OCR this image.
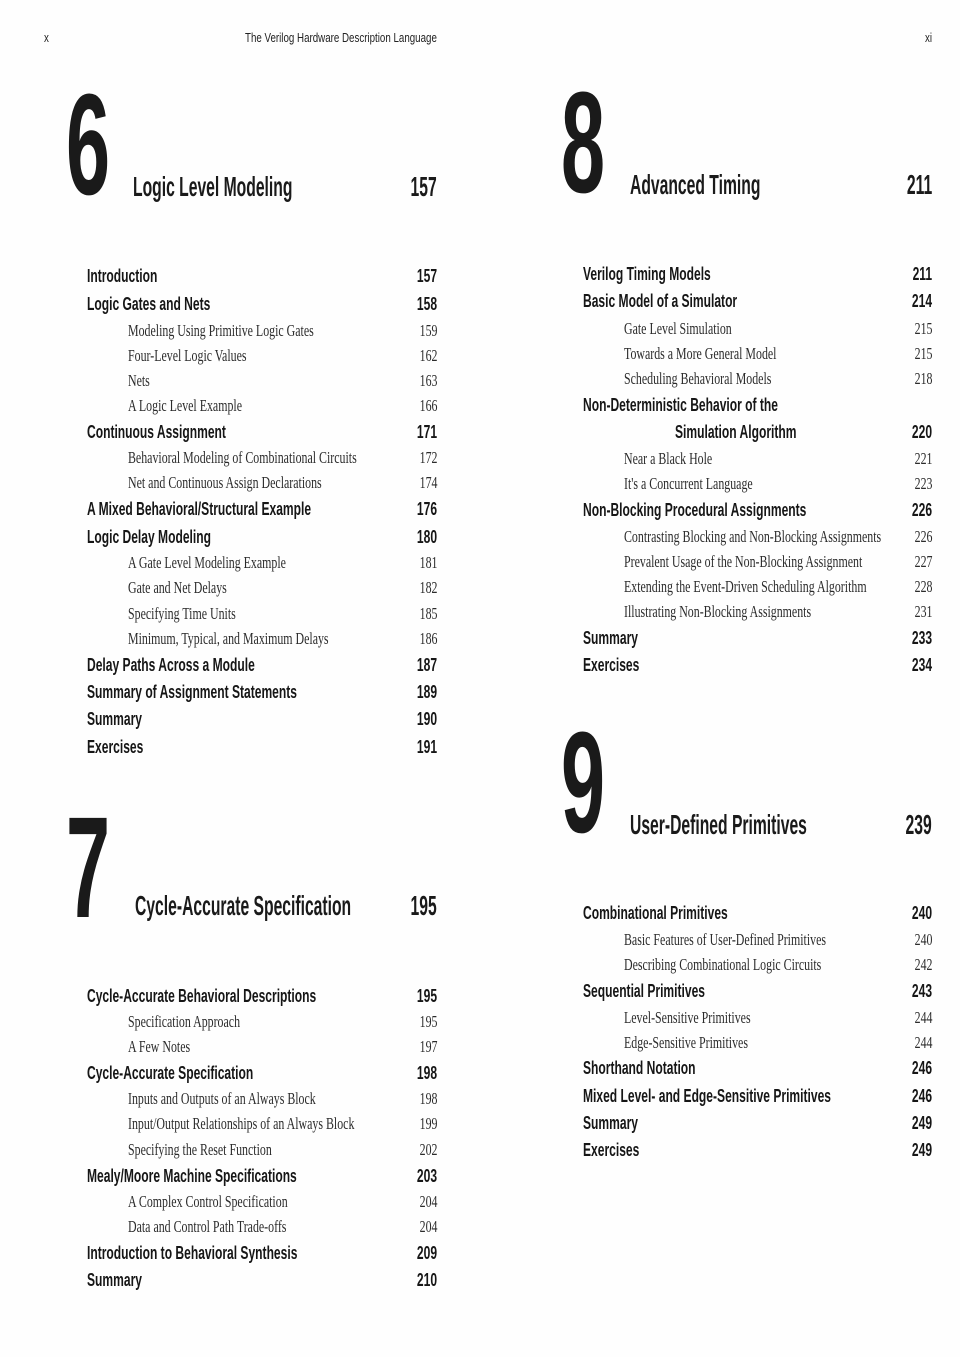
x	The Verilog Hardware Description Language	xi
6 Logic Level Modeling	157
Introduction	157
Logic Gates and Nets	158
Modeling Using Primitive Logic Gates	159
Four-Level Logic Values	162
Nets	163
A Logic Level Example	166
Continuous Assignment	171
Behavioral Modeling of Combinational Circuits	172
Net and Continuous Assign Declarations	174
A Mixed Behavioral/Structural Example	176
Logic Delay Modeling	180
A Gate Level Modeling Example	181
Gate and Net Delays	182
Specifying Time Units	185
Minimum, Typical, and Maximum Delays	186
Delay Paths Across a Module	187
Summary of Assignment Statements	189
Summary	190
Exercises	191
7 Cycle-Accurate Specification	195
Cycle-Accurate Behavioral Descriptions	195
Specification Approach	195
A Few Notes	197
Cycle-Accurate Specification	198
Inputs and Outputs of an Always Block	198
Input/Output Relationships of an Always Block	199
Specifying the Reset Function	202
Mealy/Moore Machine Specifications	203
A Complex Control Specification	204
Data and Control Path Trade-offs	204
Introduction to Behavioral Synthesis	209
Summary	210
8 Advanced Timing	211
Verilog Timing Models	211
Basic Model of a Simulator	214
Gate Level Simulation	215
Towards a More General Model	215
Scheduling Behavioral Models	218
Non-Deterministic Behavior of the
Simulation Algorithm	220
Near a Black Hole	221
It's a Concurrent Language	223
Non-Blocking Procedural Assignments	226
Contrasting Blocking and Non-Blocking Assignments	226
Prevalent Usage of the Non-Blocking Assignment	227
Extending the Event-Driven Scheduling Algorithm	228
Illustrating Non-Blocking Assignments	231
Summary	233
Exercises	234
9 User-Defined Primitives	239
Combinational Primitives	240
Basic Features of User-Defined Primitives	240
Describing Combinational Logic Circuits	242
Sequential Primitives	243
Level-Sensitive Primitives	244
Edge-Sensitive Primitives	244
Shorthand Notation	246
Mixed Level- and Edge-Sensitive Primitives	246
Summary	249
Exercises	249
